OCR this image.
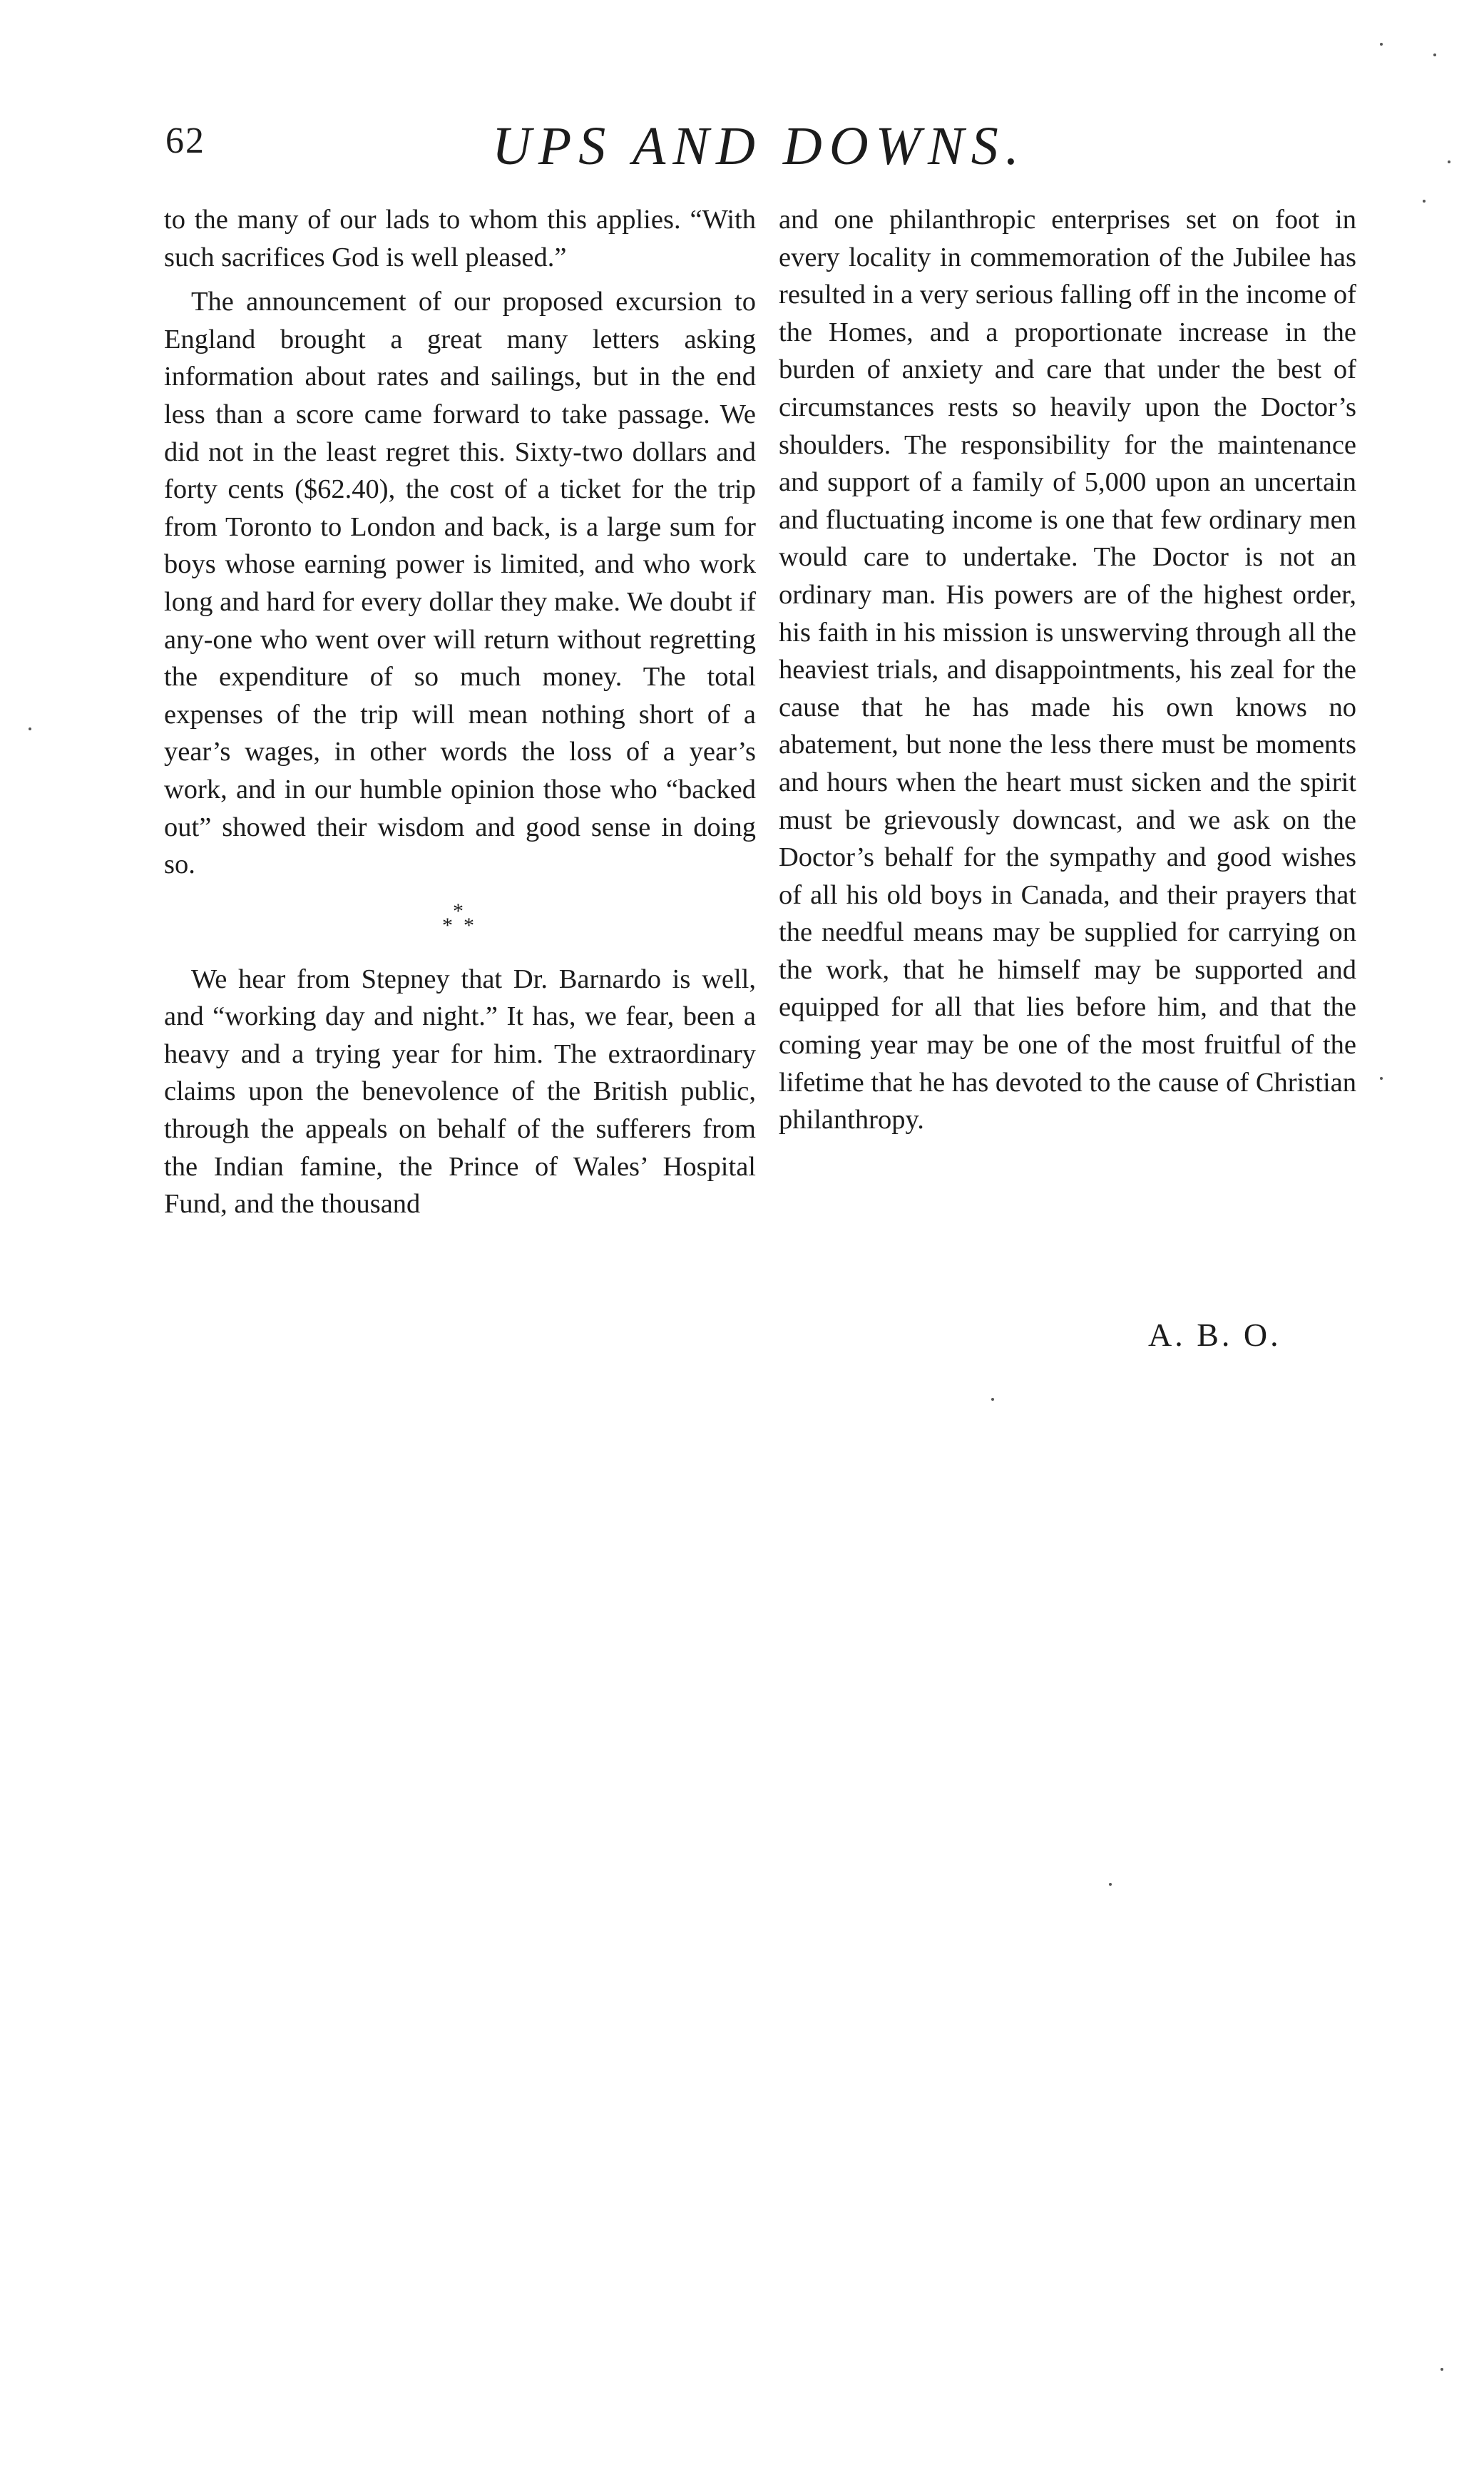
62	UPS AND DOWNS.

to the many of our lads to whom this applies. “With such sacrifices God is well pleased.”

The announcement of our proposed excursion to England brought a great many letters asking information about rates and sailings, but in the end less than a score came forward to take passage. We did not in the least regret this. Sixty-two dollars and forty cents ($62.40), the cost of a ticket for the trip from Toronto to London and back, is a large sum for boys whose earning power is limited, and who work long and hard for every dollar they make. We doubt if any-one who went over will return without regretting the expenditure of so much money. The total expenses of the trip will mean nothing short of a year’s wages, in other words the loss of a year’s work, and in our humble opinion those who “backed out” showed their wisdom and good sense in doing so.

*
* *

We hear from Stepney that Dr. Barnardo is well, and “working day and night.” It has, we fear, been a heavy and a trying year for him. The extraordinary claims upon the benevolence of the British public, through the appeals on behalf of the sufferers from the Indian famine, the Prince of Wales’ Hospital Fund, and the thousand

and one philanthropic enterprises set on foot in every locality in commemoration of the Jubilee has resulted in a very serious falling off in the income of the Homes, and a proportionate increase in the burden of anxiety and care that under the best of circumstances rests so heavily upon the Doctor’s shoulders. The responsibility for the maintenance and support of a family of 5,000 upon an uncertain and fluctuating income is one that few ordinary men would care to undertake. The Doctor is not an ordinary man. His powers are of the highest order, his faith in his mission is unswerving through all the heaviest trials, and disappointments, his zeal for the cause that he has made his own knows no abatement, but none the less there must be moments and hours when the heart must sicken and the spirit must be grievously downcast, and we ask on the Doctor’s behalf for the sympathy and good wishes of all his old boys in Canada, and their prayers that the needful means may be supplied for carrying on the work, that he himself may be supported and equipped for all that lies before him, and that the coming year may be one of the most fruitful of the lifetime that he has devoted to the cause of Christian philanthropy.

A. B. O.
